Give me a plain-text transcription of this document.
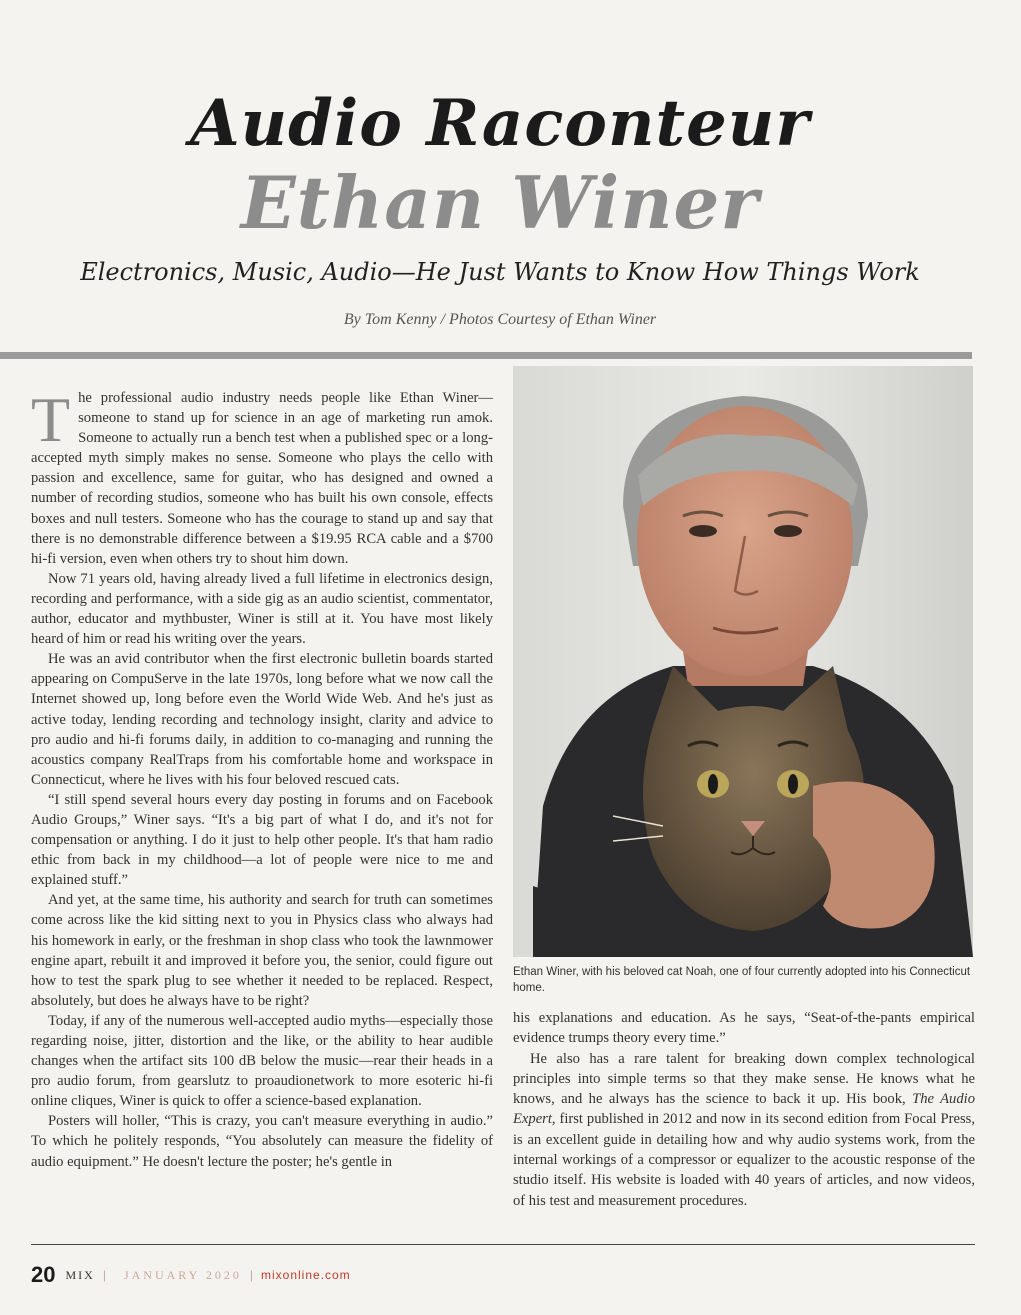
Audio Raconteur
Ethan Winer
Electronics, Music, Audio—He Just Wants to Know How Things Work
By Tom Kenny / Photos Courtesy of Ethan Winer

The professional audio industry needs people like Ethan Winer—someone to stand up for science in an age of marketing run amok. Someone to actually run a bench test when a published spec or a long-accepted myth simply makes no sense. Someone who plays the cello with passion and excellence, same for guitar, who has designed and owned a number of recording studios, someone who has built his own console, effects boxes and null testers. Someone who has the courage to stand up and say that there is no demonstrable difference between a $19.95 RCA cable and a $700 hi-fi version, even when others try to shout him down.

Now 71 years old, having already lived a full lifetime in electronics design, recording and performance, with a side gig as an audio scientist, commentator, author, educator and mythbuster, Winer is still at it. You have most likely heard of him or read his writing over the years.

He was an avid contributor when the first electronic bulletin boards started appearing on CompuServe in the late 1970s, long before what we now call the Internet showed up, long before even the World Wide Web. And he's just as active today, lending recording and technology insight, clarity and advice to pro audio and hi-fi forums daily, in addition to co-managing and running the acoustics company RealTraps from his comfortable home and workspace in Connecticut, where he lives with his four beloved rescued cats.

“I still spend several hours every day posting in forums and on Facebook Audio Groups,” Winer says. “It's a big part of what I do, and it's not for compensation or anything. I do it just to help other people. It's that ham radio ethic from back in my childhood—a lot of people were nice to me and explained stuff.”

And yet, at the same time, his authority and search for truth can sometimes come across like the kid sitting next to you in Physics class who always had his homework in early, or the freshman in shop class who took the lawnmower engine apart, rebuilt it and improved it before you, the senior, could figure out how to test the spark plug to see whether it needed to be replaced. Respect, absolutely, but does he always have to be right?

Today, if any of the numerous well-accepted audio myths—especially those regarding noise, jitter, distortion and the like, or the ability to hear audible changes when the artifact sits 100 dB below the music—rear their heads in a pro audio forum, from gearslutz to proaudionetwork to more esoteric hi-fi online cliques, Winer is quick to offer a science-based explanation.

Posters will holler, “This is crazy, you can't measure everything in audio.” To which he politely responds, “You absolutely can measure the fidelity of audio equipment.” He doesn't lecture the poster; he's gentle in

Ethan Winer, with his beloved cat Noah, one of four currently adopted into his Connecticut home.

his explanations and education. As he says, “Seat-of-the-pants empirical evidence trumps theory every time.”

He also has a rare talent for breaking down complex technological principles into simple terms so that they make sense. He knows what he knows, and he always has the science to back it up. His book, The Audio Expert, first published in 2012 and now in its second edition from Focal Press, is an excellent guide in detailing how and why audio systems work, from the internal workings of a compressor or equalizer to the acoustic response of the studio itself. His website is loaded with 40 years of articles, and now videos, of his test and measurement procedures.

20 MIX | JANUARY 2020 | mixonline.com
